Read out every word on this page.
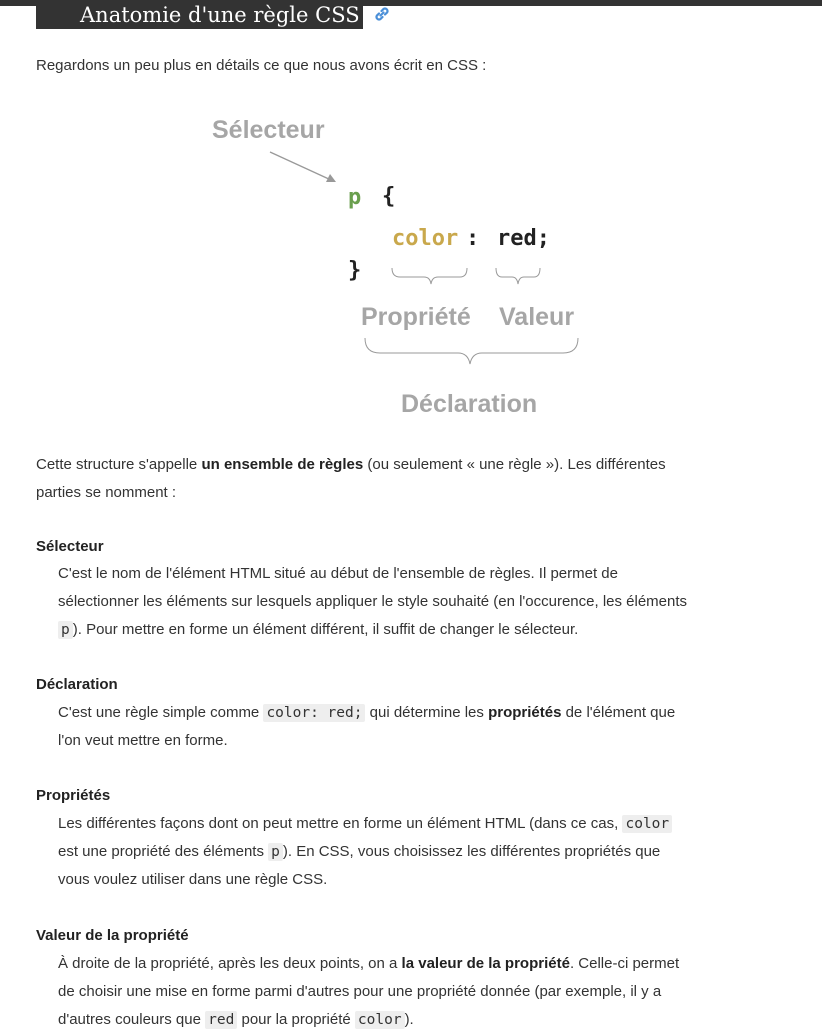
Anatomie d'une règle CSS

Regardons un peu plus en détails ce que nous avons écrit en CSS :

Sélecteur
p {
color : red;
}
Propriété Valeur
Déclaration
Cette structure s'appelle un ensemble de règles (ou seulement « une règle »). Les différentes
parties se nomment :
Sélecteur
C'est le nom de l'élément HTML situé au début de l'ensemble de règles. Il permet de
sélectionner les éléments sur lesquels appliquer le style souhaité (en l'occurence, les éléments
p ). Pour mettre en forme un élément différent, il suffit de changer le sélecteur.
Déclaration
C'est une règle simple comme color: red; qui détermine les propriétés de l'élément que
l'on veut mettre en forme.
Propriétés
Les différentes façons dont on peut mettre en forme un élément HTML (dans ce cas, color
est une propriété des éléments p ). En CSS, vous choisissez les différentes propriétés que
vous voulez utiliser dans une règle CSS.
Valeur de la propriété
À droite de la propriété, après les deux points, on a la valeur de la propriété. Celle-ci permet
de choisir une mise en forme parmi d'autres pour une propriété donnée (par exemple, il y a
d'autres couleurs que red pour la propriété color ).
